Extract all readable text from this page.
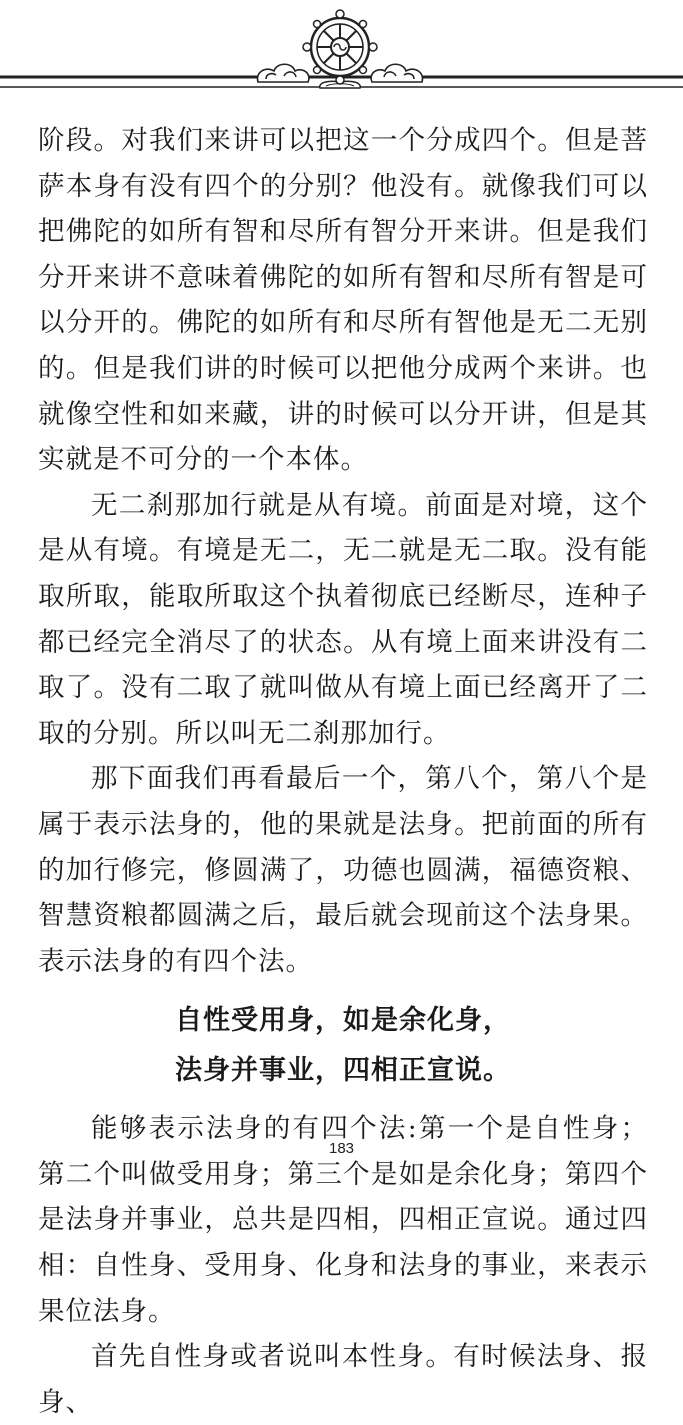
阶段。对我们来讲可以把这一个分成四个。但是菩萨本身有没有四个的分别？他没有。就像我们可以把佛陀的如所有智和尽所有智分开来讲。但是我们分开来讲不意味着佛陀的如所有智和尽所有智是可以分开的。佛陀的如所有和尽所有智他是无二无别的。但是我们讲的时候可以把他分成两个来讲。也就像空性和如来藏，讲的时候可以分开讲，但是其实就是不可分的一个本体。

无二刹那加行就是从有境。前面是对境，这个是从有境。有境是无二，无二就是无二取。没有能取所取，能取所取这个执着彻底已经断尽，连种子都已经完全消尽了的状态。从有境上面来讲没有二取了。没有二取了就叫做从有境上面已经离开了二取的分别。所以叫无二刹那加行。

那下面我们再看最后一个，第八个，第八个是属于表示法身的，他的果就是法身。把前面的所有的加行修完，修圆满了，功德也圆满，福德资粮、智慧资粮都圆满之后，最后就会现前这个法身果。表示法身的有四个法。

自性受用身，如是余化身，
法身并事业，四相正宣说。

能够表示法身的有四个法:第一个是自性身；第二个叫做受用身；第三个是如是余化身；第四个是法身并事业，总共是四相，四相正宣说。通过四相：自性身、受用身、化身和法身的事业，来表示果位法身。

首先自性身或者说叫本性身。有时候法身、报身、

183
